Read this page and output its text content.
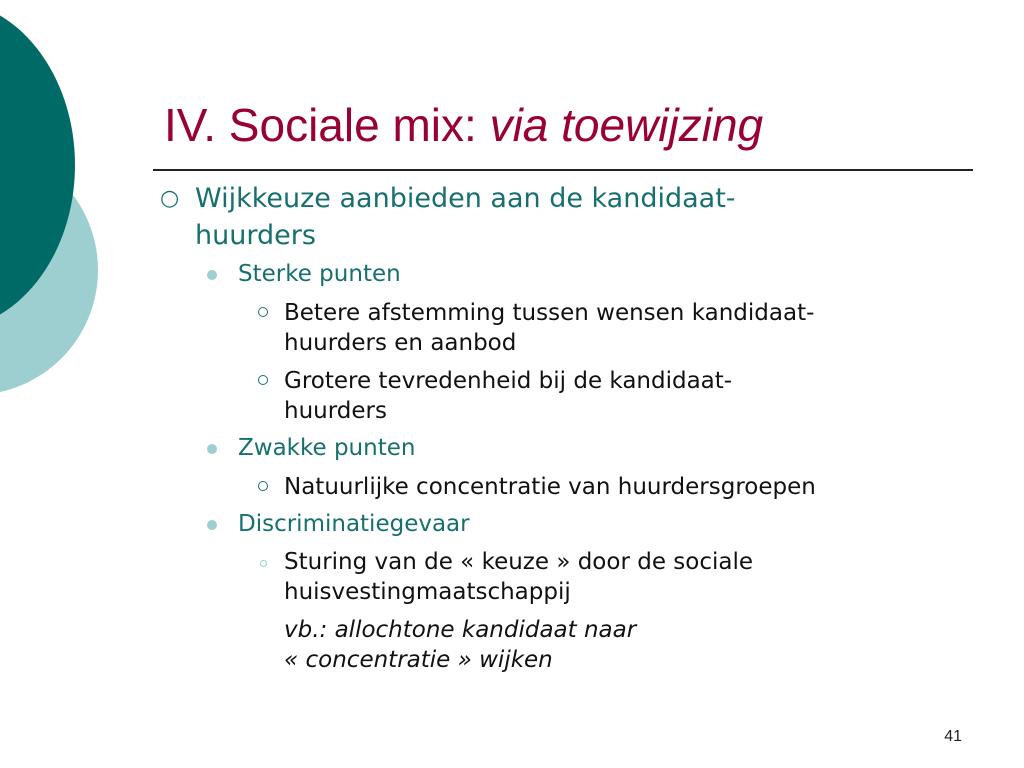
IV. Sociale mix: via toewijzing
○ Wijkkeuze aanbieden aan de kandidaat-
huurders
Sterke punten
Betere afstemming tussen wensen kandidaat-
huurders en aanbod
Grotere tevredenheid bij de kandidaat-
huurders
Zwakke punten
Natuurlijke concentratie van huurdersgroepen
Discriminatiegevaar
Sturing van de « keuze » door de sociale
huisvestingmaatschappij
vb.: allochtone kandidaat naar
« concentratie » wijken
41
